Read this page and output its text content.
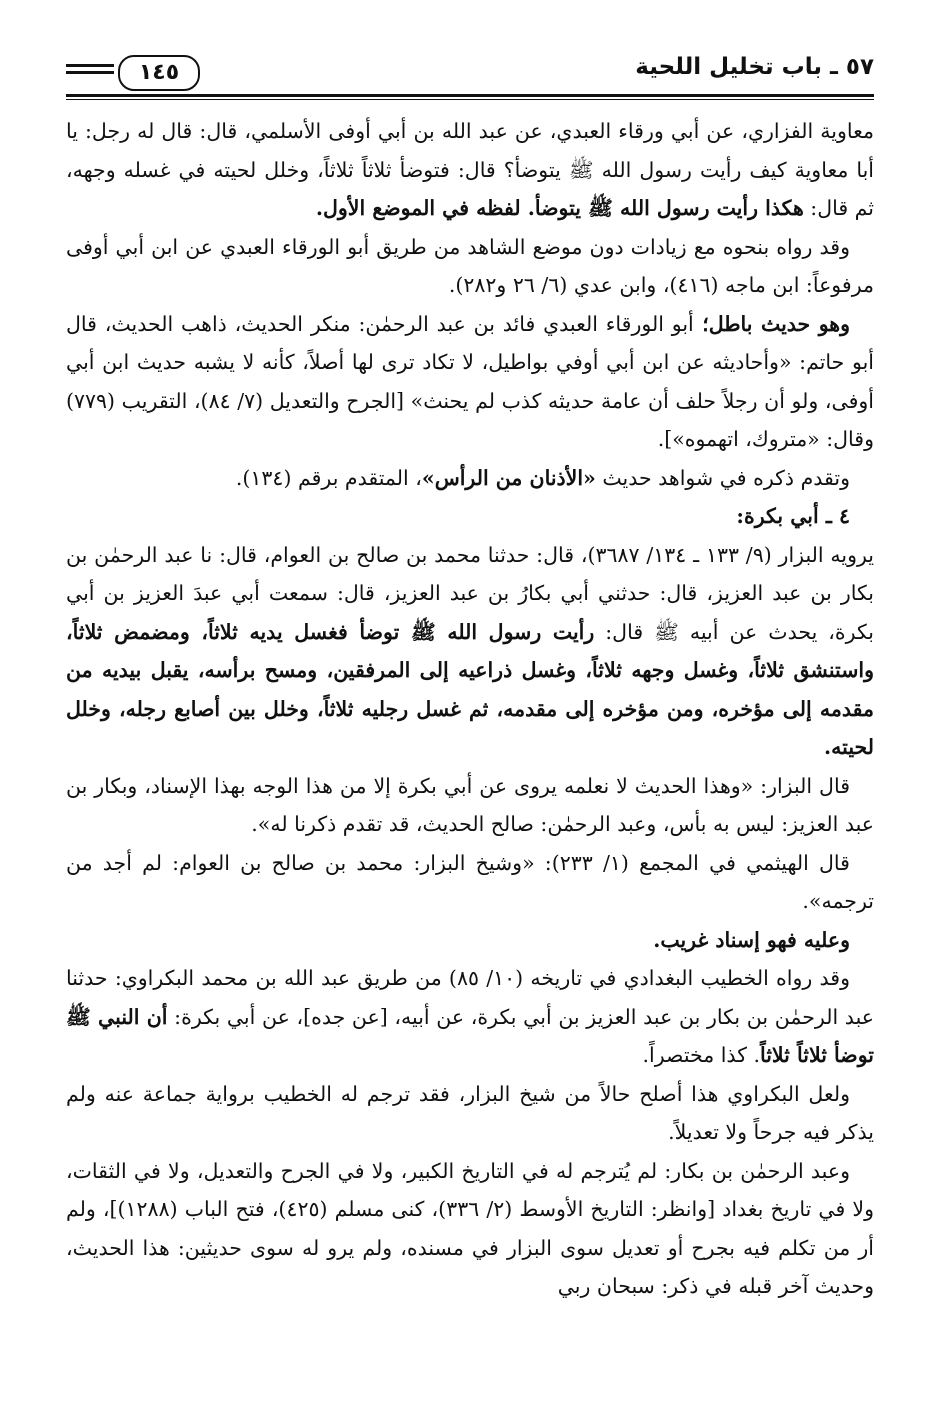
٥٧ ـ باب تخليل اللحية
١٤٥

معاوية الفزاري، عن أبي ورقاء العبدي، عن عبد الله بن أبي أوفى الأسلمي، قال: قال له رجل: يا أبا معاوية كيف رأيت رسول الله ﷺ يتوضأ؟ قال: فتوضأ ثلاثاً ثلاثاً، وخلل لحيته في غسله وجهه، ثم قال: هكذا رأيت رسول الله ﷺ يتوضأ. لفظه في الموضع الأول.

وقد رواه بنحوه مع زيادات دون موضع الشاهد من طريق أبو الورقاء العبدي عن ابن أبي أوفى مرفوعاً: ابن ماجه (٤١٦)، وابن عدي (٦/ ٢٦ و٢٨٢).

وهو حديث باطل؛ أبو الورقاء العبدي فائد بن عبد الرحمٰن: منكر الحديث، ذاهب الحديث، قال أبو حاتم: «وأحاديثه عن ابن أبي أوفي بواطيل، لا تكاد ترى لها أصلاً، كأنه لا يشبه حديث ابن أبي أوفى، ولو أن رجلاً حلف أن عامة حديثه كذب لم يحنث» [الجرح والتعديل (٧/ ٨٤)، التقريب (٧٧٩) وقال: «متروك، اتهموه»].

وتقدم ذكره في شواهد حديث «الأذنان من الرأس»، المتقدم برقم (١٣٤).

٤ ـ أبي بكرة:

يرويه البزار (٩/ ١٣٣ ـ ١٣٤/ ٣٦٨٧)، قال: حدثنا محمد بن صالح بن العوام، قال: نا عبد الرحمٰن بن بكار بن عبد العزيز، قال: حدثني أبي بكارُ بن عبد العزيز، قال: سمعت أبي عبدَ العزيز بن أبي بكرة، يحدث عن أبيه ﷺ قال: رأيت رسول الله ﷺ توضأ فغسل يديه ثلاثاً، ومضمض ثلاثاً، واستنشق ثلاثاً، وغسل وجهه ثلاثاً، وغسل ذراعيه إلى المرفقين، ومسح برأسه، يقبل بيديه من مقدمه إلى مؤخره، ومن مؤخره إلى مقدمه، ثم غسل رجليه ثلاثاً، وخلل بين أصابع رجله، وخلل لحيته.

قال البزار: «وهذا الحديث لا نعلمه يروى عن أبي بكرة إلا من هذا الوجه بهذا الإسناد، وبكار بن عبد العزيز: ليس به بأس، وعبد الرحمٰن: صالح الحديث، قد تقدم ذكرنا له».

قال الهيثمي في المجمع (١/ ٢٣٣): «وشيخ البزار: محمد بن صالح بن العوام: لم أجد من ترجمه».

وعليه فهو إسناد غريب.

وقد رواه الخطيب البغدادي في تاريخه (١٠/ ٨٥) من طريق عبد الله بن محمد البكراوي: حدثنا عبد الرحمٰن بن بكار بن عبد العزيز بن أبي بكرة، عن أبيه، [عن جده]، عن أبي بكرة: أن النبي ﷺ توضأ ثلاثاً ثلاثاً. كذا مختصراً.

ولعل البكراوي هذا أصلح حالاً من شيخ البزار، فقد ترجم له الخطيب برواية جماعة عنه ولم يذكر فيه جرحاً ولا تعديلاً.

وعبد الرحمٰن بن بكار: لم يُترجم له في التاريخ الكبير، ولا في الجرح والتعديل، ولا في الثقات، ولا في تاريخ بغداد [وانظر: التاريخ الأوسط (٢/ ٣٣٦)، كنى مسلم (٤٢٥)، فتح الباب (١٢٨٨)]، ولم أر من تكلم فيه بجرح أو تعديل سوى البزار في مسنده، ولم يرو له سوى حديثين: هذا الحديث، وحديث آخر قبله في ذكر: سبحان ربي
